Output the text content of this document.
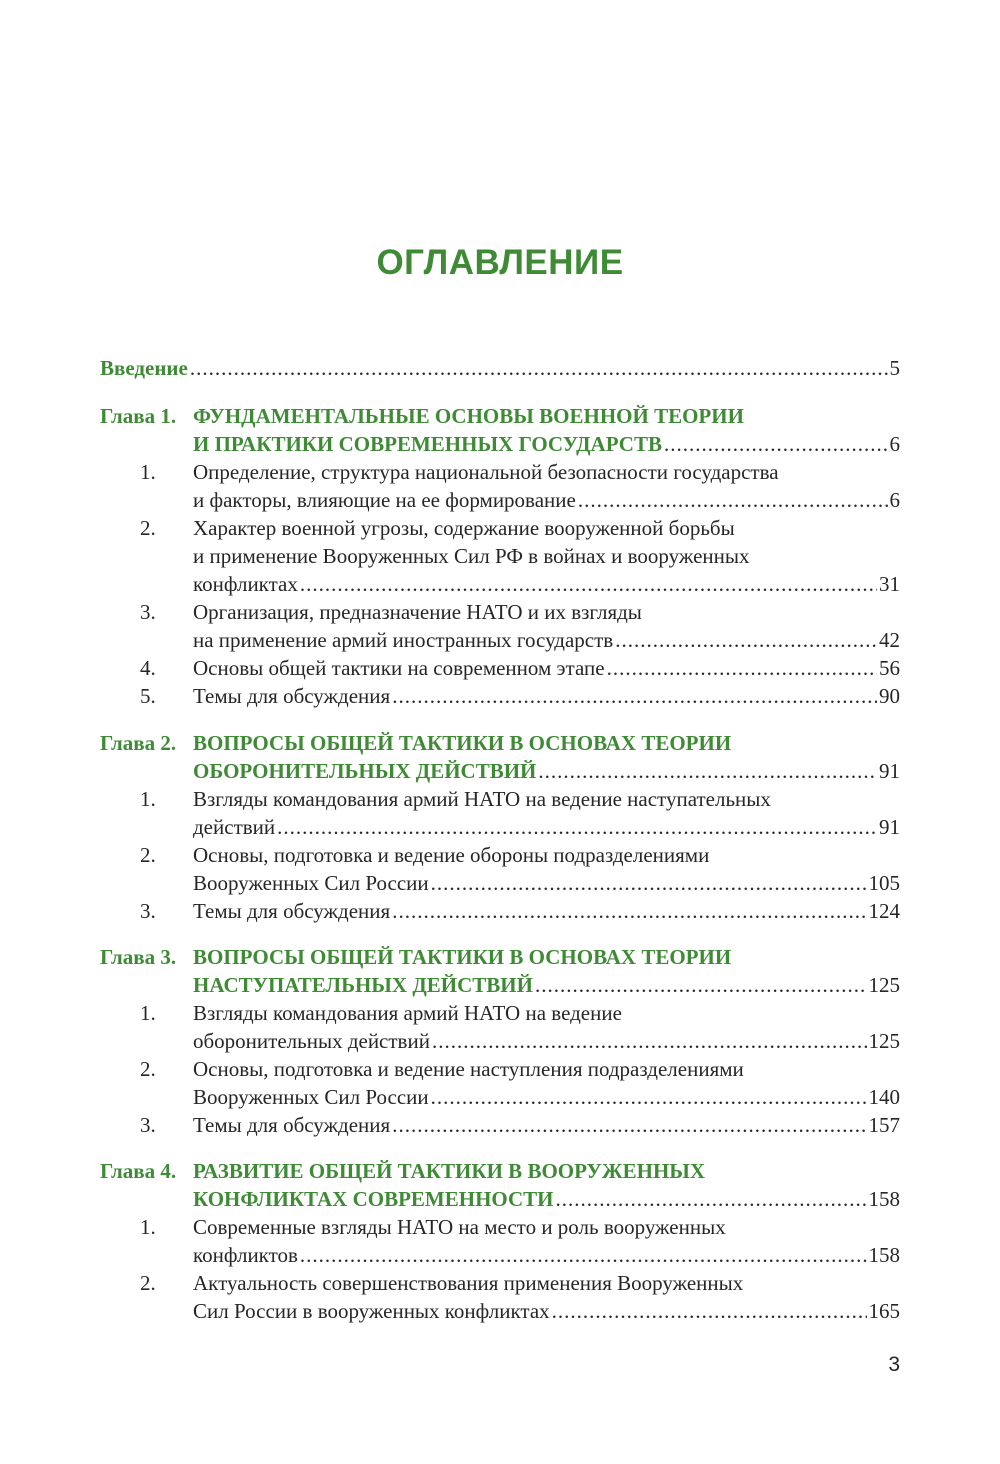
ОГЛАВЛЕНИЕ
Введение .....	5
Глава 1. ФУНДАМЕНТАЛЬНЫЕ ОСНОВЫ ВОЕННОЙ ТЕОРИИ
И ПРАКТИКИ СОВРЕМЕННЫХ ГОСУДАРСТВ .....	6
1.	Определение, структура национальной безопасности государства
и факторы, влияющие на ее формирование .....	6
2.	Характер военной угрозы, содержание вооруженной борьбы
и применение Вооруженных Сил РФ в войнах и вооруженных
конфликтах .....	31
3.	Организация, предназначение НАТО и их взгляды
на применение армий иностранных государств .....	42
4.	Основы общей тактики на современном этапе .....	56
5.	Темы для обсуждения .....	90
Глава 2. ВОПРОСЫ ОБЩЕЙ ТАКТИКИ В ОСНОВАХ ТЕОРИИ
ОБОРОНИТЕЛЬНЫХ ДЕЙСТВИЙ .....	91
1.	Взгляды командования армий НАТО на ведение наступательных
действий .....	91
2.	Основы, подготовка и ведение обороны подразделениями
Вооруженных Сил России .....	105
3.	Темы для обсуждения .....	124
Глава 3. ВОПРОСЫ ОБЩЕЙ ТАКТИКИ В ОСНОВАХ ТЕОРИИ
НАСТУПАТЕЛЬНЫХ ДЕЙСТВИЙ .....	125
1.	Взгляды командования армий НАТО на ведение
оборонительных действий .....	125
2.	Основы, подготовка и ведение наступления подразделениями
Вооруженных Сил России .....	140
3.	Темы для обсуждения .....	157
Глава 4. РАЗВИТИЕ ОБЩЕЙ ТАКТИКИ В ВООРУЖЕННЫХ
КОНФЛИКТАХ СОВРЕМЕННОСТИ .....	158
1.	Современные взгляды НАТО на место и роль вооруженных
конфликтов .....	158
2.	Актуальность совершенствования применения Вооруженных
Сил России в вооруженных конфликтах .....	165
3
